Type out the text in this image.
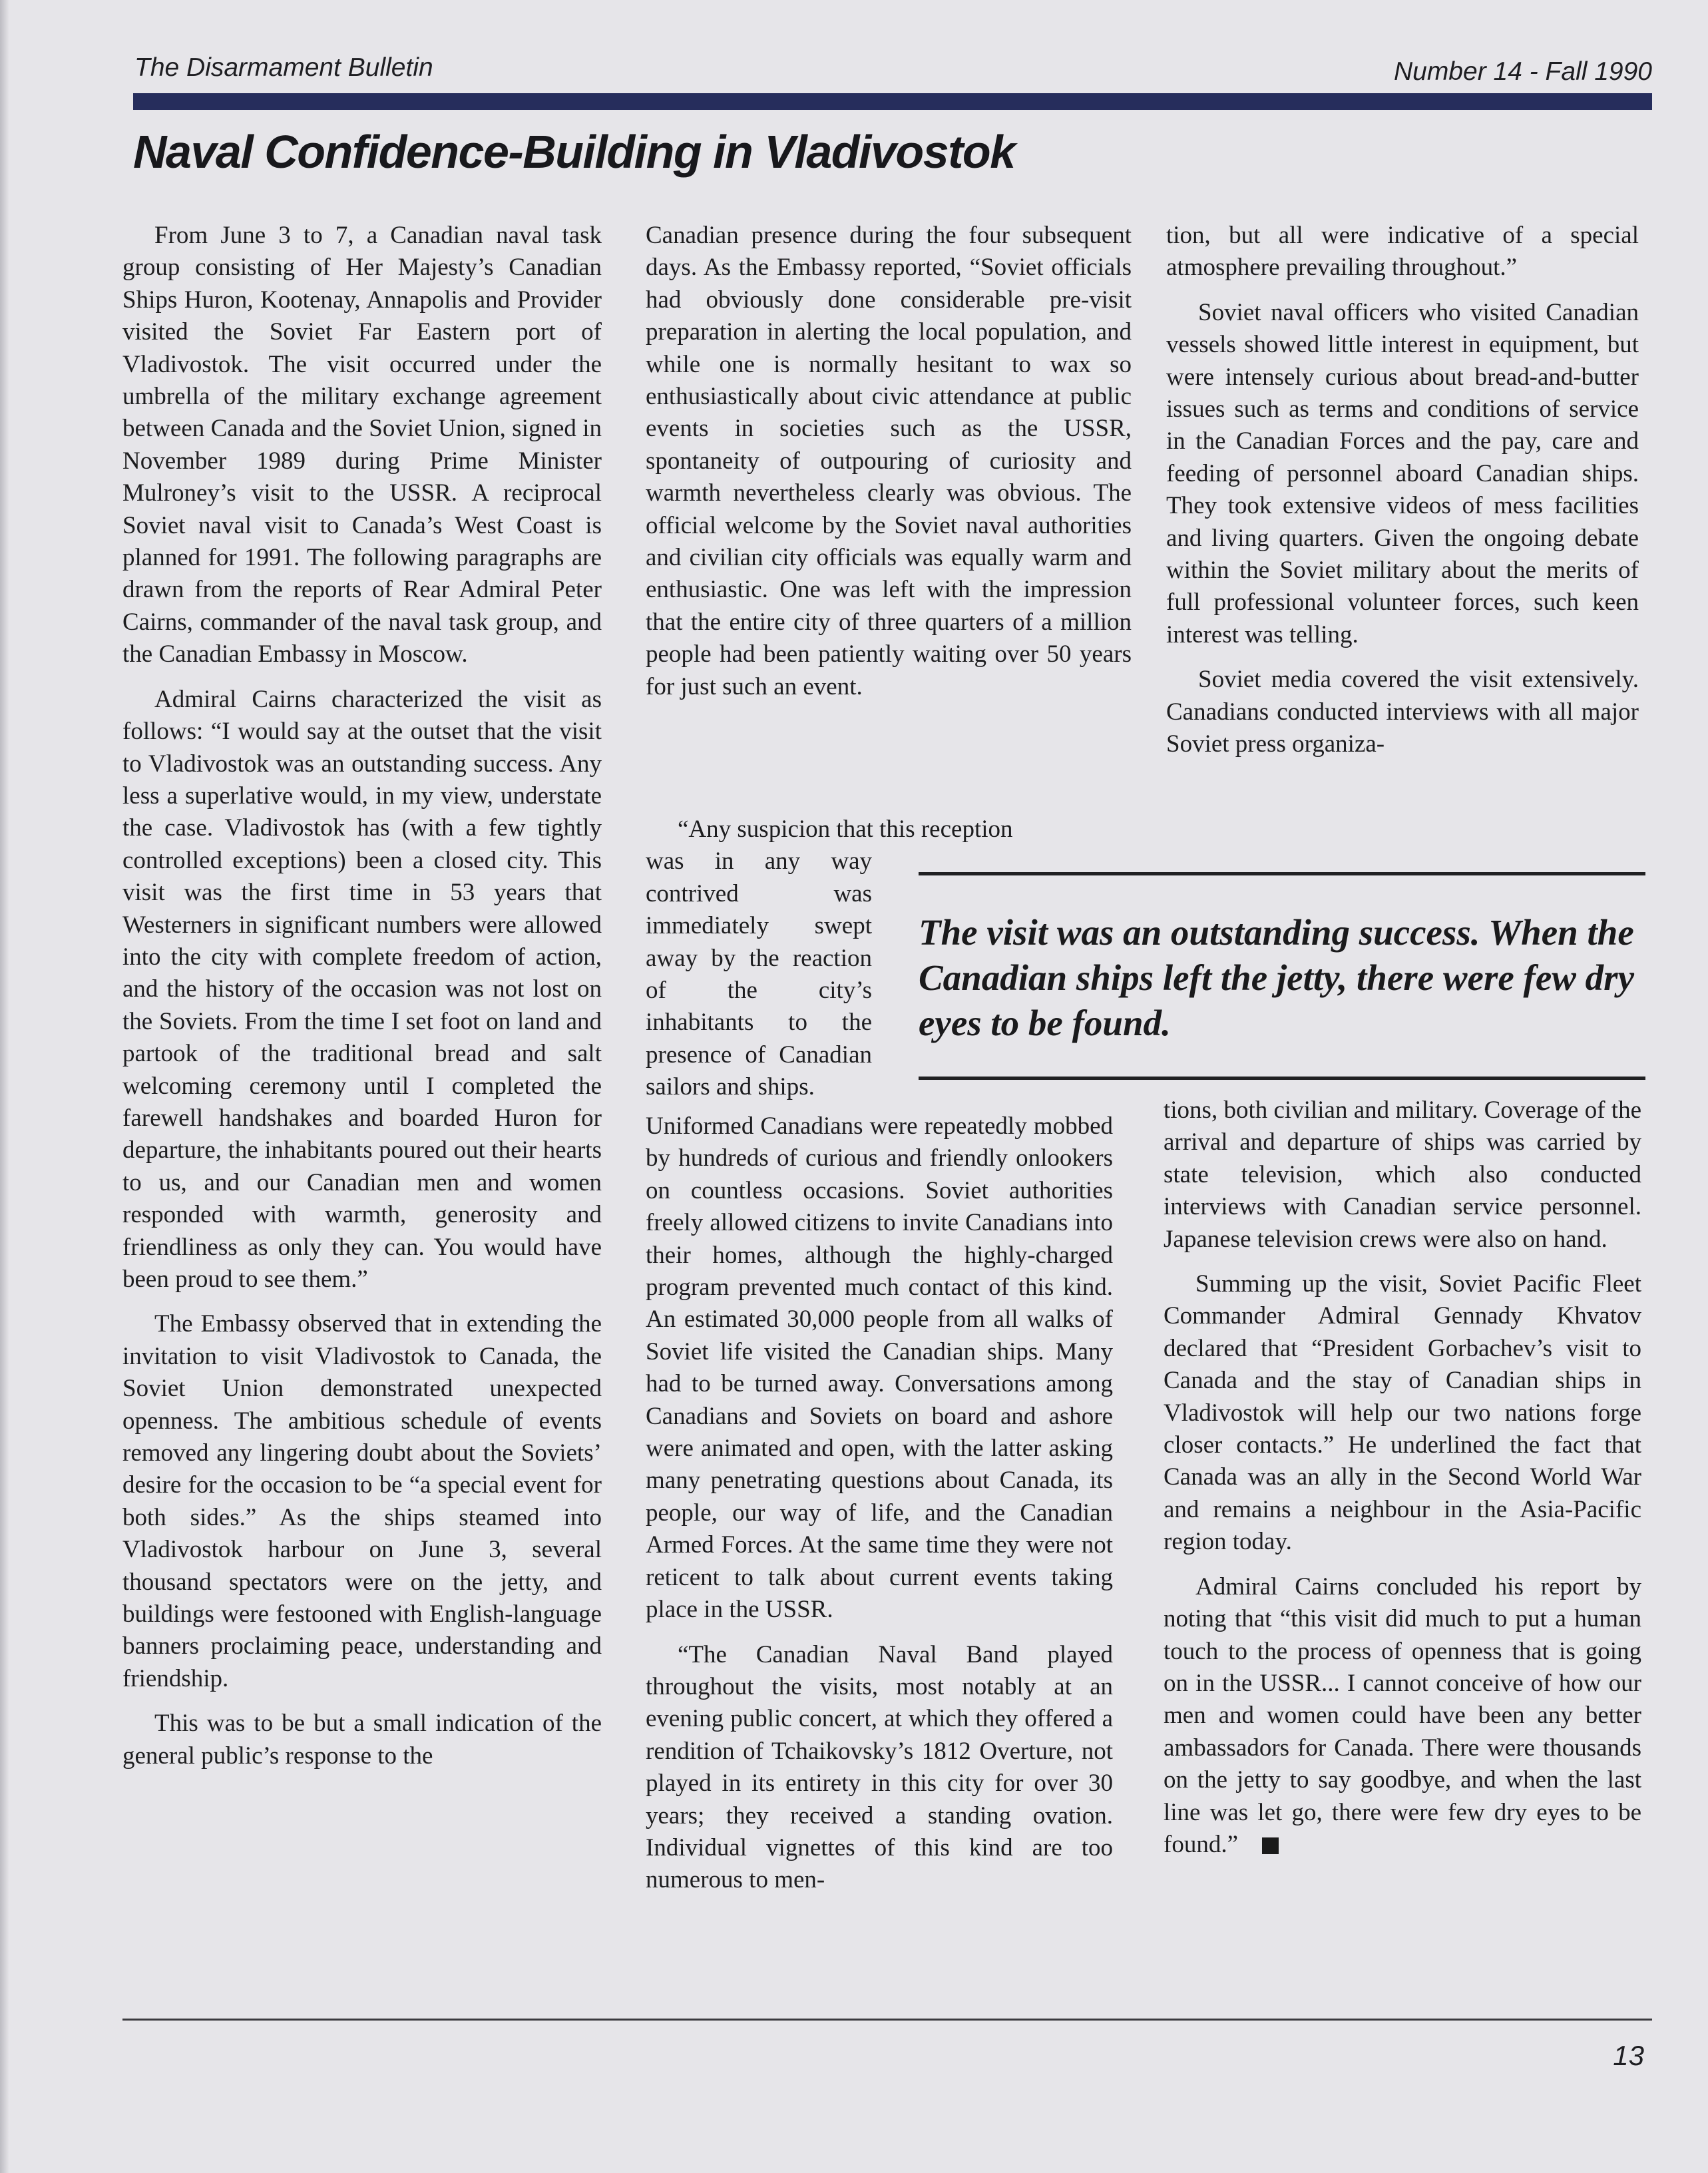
The Disarmament Bulletin	Number 14 - Fall 1990
Naval Confidence-Building in Vladivostok

From June 3 to 7, a Canadian naval task group consisting of Her Majesty’s Canadian Ships Huron, Kootenay, Annapolis and Provider visited the Soviet Far Eastern port of Vladivostok. The visit occurred under the umbrella of the military exchange agreement between Canada and the Soviet Union, signed in November 1989 during Prime Minister Mulroney’s visit to the USSR. A reciprocal Soviet naval visit to Canada’s West Coast is planned for 1991. The following paragraphs are drawn from the reports of Rear Admiral Peter Cairns, commander of the naval task group, and the Canadian Embassy in Moscow.

Admiral Cairns characterized the visit as follows: “I would say at the outset that the visit to Vladivostok was an outstanding success. Any less a superlative would, in my view, understate the case. Vladivostok has (with a few tightly controlled exceptions) been a closed city. This visit was the first time in 53 years that Westerners in significant numbers were allowed into the city with complete freedom of action, and the history of the occasion was not lost on the Soviets. From the time I set foot on land and partook of the traditional bread and salt welcoming ceremony until I completed the farewell handshakes and boarded Huron for departure, the inhabitants poured out their hearts to us, and our Canadian men and women responded with warmth, generosity and friendliness as only they can. You would have been proud to see them.”

The Embassy observed that in extending the invitation to visit Vladivostok to Canada, the Soviet Union demonstrated unexpected openness. The ambitious schedule of events removed any lingering doubt about the Soviets’ desire for the occasion to be “a special event for both sides.” As the ships steamed into Vladivostok harbour on June 3, several thousand spectators were on the jetty, and buildings were festooned with English-language banners proclaiming peace, understanding and friendship.

This was to be but a small indication of the general public’s response to the

Canadian presence during the four subsequent days. As the Embassy reported, “Soviet officials had obviously done considerable pre-visit preparation in alerting the local population, and while one is normally hesitant to wax so enthusiastically about civic attendance at public events in societies such as the USSR, spontaneity of outpouring of curiosity and warmth nevertheless clearly was obvious. The official welcome by the Soviet naval authorities and civilian city officials was equally warm and enthusiastic. One was left with the impression that the entire city of three quarters of a million people had been patiently waiting over 50 years for just such an event.

“Any suspicion that this reception
was in any way contrived was immediately swept away by the reaction of the city’s inhabitants to the presence of Canadian sailors and ships.

Uniformed Canadians were repeatedly mobbed by hundreds of curious and friendly onlookers on countless occasions. Soviet authorities freely allowed citizens to invite Canadians into their homes, although the highly-charged program prevented much contact of this kind. An estimated 30,000 people from all walks of Soviet life visited the Canadian ships. Many had to be turned away. Conversations among Canadians and Soviets on board and ashore were animated and open, with the latter asking many penetrating questions about Canada, its people, our way of life, and the Canadian Armed Forces. At the same time they were not reticent to talk about current events taking place in the USSR.

“The Canadian Naval Band played throughout the visits, most notably at an evening public concert, at which they offered a rendition of Tchaikovsky’s 1812 Overture, not played in its entirety in this city for over 30 years; they received a standing ovation. Individual vignettes of this kind are too numerous to men-

tion, but all were indicative of a special atmosphere prevailing throughout.”

Soviet naval officers who visited Canadian vessels showed little interest in equipment, but were intensely curious about bread-and-butter issues such as terms and conditions of service in the Canadian Forces and the pay, care and feeding of personnel aboard Canadian ships. They took extensive videos of mess facilities and living quarters. Given the ongoing debate within the Soviet military about the merits of full professional volunteer forces, such keen interest was telling.

Soviet media covered the visit extensively. Canadians conducted interviews with all major Soviet press organiza-

The visit was an outstanding success. When the Canadian ships left the jetty, there were few dry eyes to be found.

tions, both civilian and military. Coverage of the arrival and departure of ships was carried by state television, which also conducted interviews with Canadian service personnel. Japanese television crews were also on hand.

Summing up the visit, Soviet Pacific Fleet Commander Admiral Gennady Khvatov declared that “President Gorbachev’s visit to Canada and the stay of Canadian ships in Vladivostok will help our two nations forge closer contacts.” He underlined the fact that Canada was an ally in the Second World War and remains a neighbour in the Asia-Pacific region today.

Admiral Cairns concluded his report by noting that “this visit did much to put a human touch to the process of openness that is going on in the USSR... I cannot conceive of how our men and women could have been any better ambassadors for Canada. There were thousands on the jetty to say goodbye, and when the last line was let go, there were few dry eyes to be found.”

13
